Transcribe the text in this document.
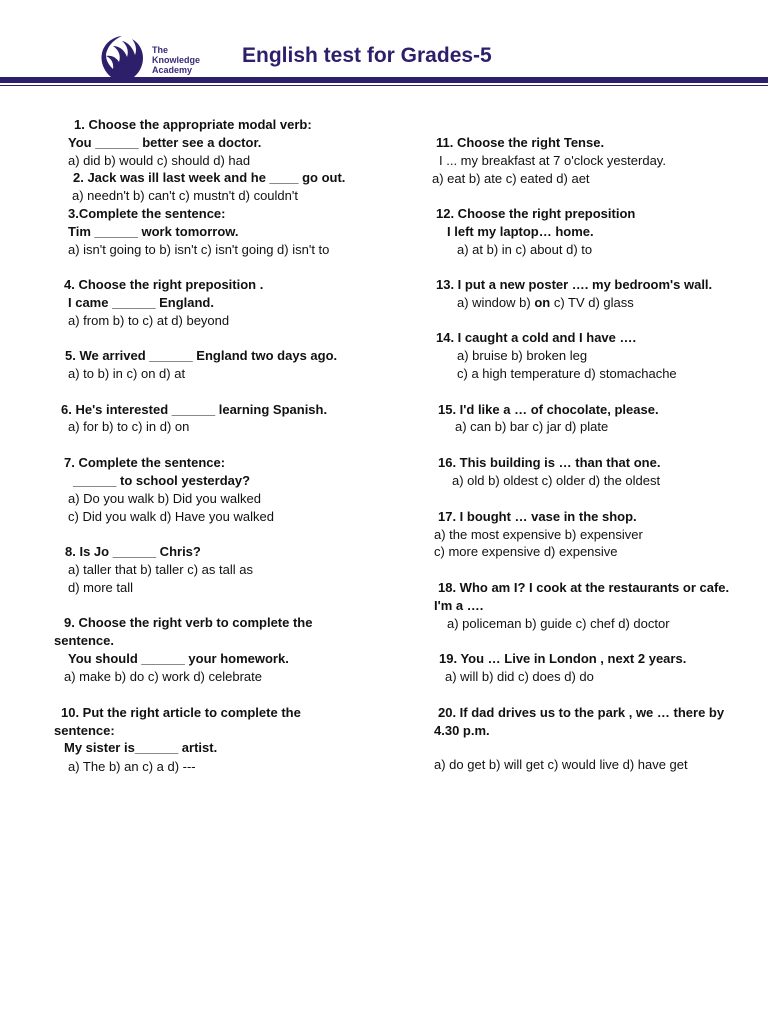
The
Knowledge
Academy
English test for Grades-5
1. Choose the appropriate modal verb:
You ______ better see a doctor.
a) did b) would c) should d) had
2. Jack was ill last week and he ____ go out.
a) needn't b) can't c) mustn't d) couldn't
3.Complete the sentence:
Tim ______ work tomorrow.
a) isn't going to b) isn't c) isn't going d) isn't to
4. Choose the right preposition .
I came ______ England.
a) from b) to c) at d) beyond
5. We arrived ______ England two days ago.
a) to b) in c) on d) at
6. He's interested ______ learning Spanish.
a) for b) to c) in d) on
7. Complete the sentence:
______ to school yesterday?
a) Do you walk b) Did you walked
c) Did you walk d) Have you walked
8. Is Jo ______ Chris?
a) taller that b) taller c) as tall as
d) more tall
9. Choose the right verb to complete the
sentence.
You should ______ your homework.
a) make b) do c) work d) celebrate
10. Put the right article to complete the
sentence:
My sister is______ artist.
a) The b) an c) a d) ---
11. Choose the right Tense.
I ... my breakfast at 7 o'clock yesterday.
a) eat b) ate c) eated d) aet
12. Choose the right preposition
I left my laptop… home.
a) at b) in c) about d) to
13. I put a new poster …. my bedroom's wall.
a) window b) on c) TV d) glass
14. I caught a cold and I have ….
a) bruise b) broken leg
c) a high temperature d) stomachache
15. I'd like a … of chocolate, please.
a) can b) bar c) jar d) plate
16. This building is … than that one.
a) old b) oldest c) older d) the oldest
17. I bought … vase in the shop.
a) the most expensive b) expensiver
c) more expensive d) expensive
18. Who am I? I cook at the restaurants or cafe.
I'm a ….
a) policeman b) guide c) chef d) doctor
19. You … Live in London , next 2 years.
a) will b) did c) does d) do
20. If dad drives us to the park , we … there by
4.30 p.m.
a) do get b) will get c) would live d) have get
